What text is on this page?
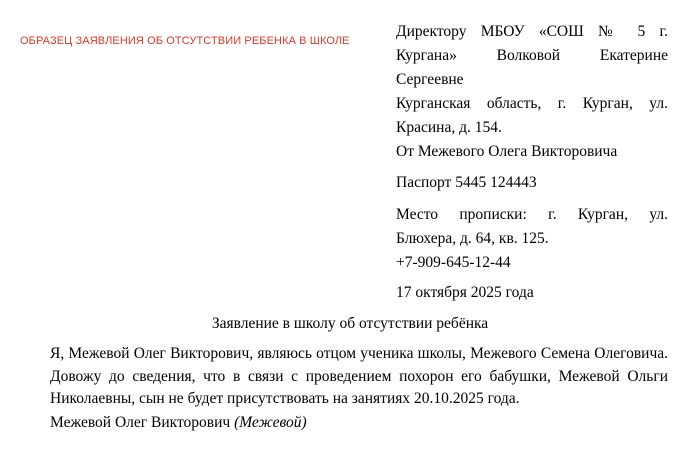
ОБРАЗЕЦ ЗАЯВЛЕНИЯ ОБ ОТСУТСТВИИ РЕБЕНКА В ШКОЛЕ
Директору МБОУ «СОШ № 5 г. Кургана» Волковой Екатерине
Сергеевне
Курганская область, г. Курган, ул.
Красина, д. 154.
От Межевого Олега Викторовича
Паспорт 5445 124443
Место прописки: г. Курган, ул.
Блюхера, д. 64, кв. 125.
+7-909-645-12-44
17 октября 2025 года
Заявление в школу об отсутствии ребёнка
Я, Межевой Олег Викторович, являюсь отцом ученика школы, Межевого Семена Олеговича. Довожу до сведения, что в связи с проведением похорон его бабушки, Межевой Ольги Николаевны, сын не будет присутствовать на занятиях 20.10.2025 года.
Межевой Олег Викторович (Межевой)
